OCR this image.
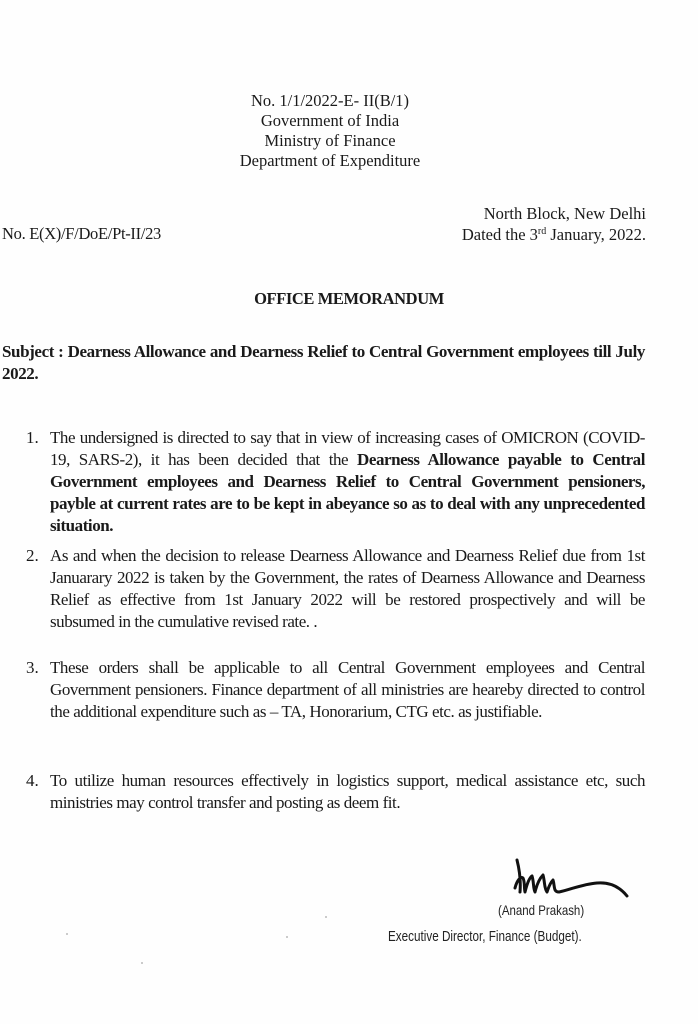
No. 1/1/2022-E- II(B/1)
Government of India
Ministry of Finance
Department of Expenditure
No. E(X)/F/DoE/Pt-II/23
North Block, New Delhi
Dated the 3rd January, 2022.
OFFICE MEMORANDUM
Subject : Dearness Allowance and Dearness Relief to Central Government employees till July 2022.
1. The undersigned is directed to say that in view of increasing cases of OMICRON (COVID-19, SARS-2), it has been decided that the Dearness Allowance payable to Central Government employees and Dearness Relief to Central Government pensioners, payble at current rates are to be kept in abeyance so as to deal with any unprecedented situation.
2. As and when the decision to release Dearness Allowance and Dearness Relief due from 1st Januarary 2022 is taken by the Government, the rates of Dearness Allowance and Dearness Relief as effective from 1st January 2022 will be restored prospectively and will be subsumed in the cumulative revised rate. .
3. These orders shall be applicable to all Central Government employees and Central Government pensioners. Finance department of all ministries are heareby directed to control the additional expenditure such as – TA, Honorarium, CTG etc. as justifiable.
4. To utilize human resources effectively in logistics support, medical assistance etc, such ministries may control transfer and posting as deem fit.
(Anand Prakash)
Executive Director, Finance (Budget).
